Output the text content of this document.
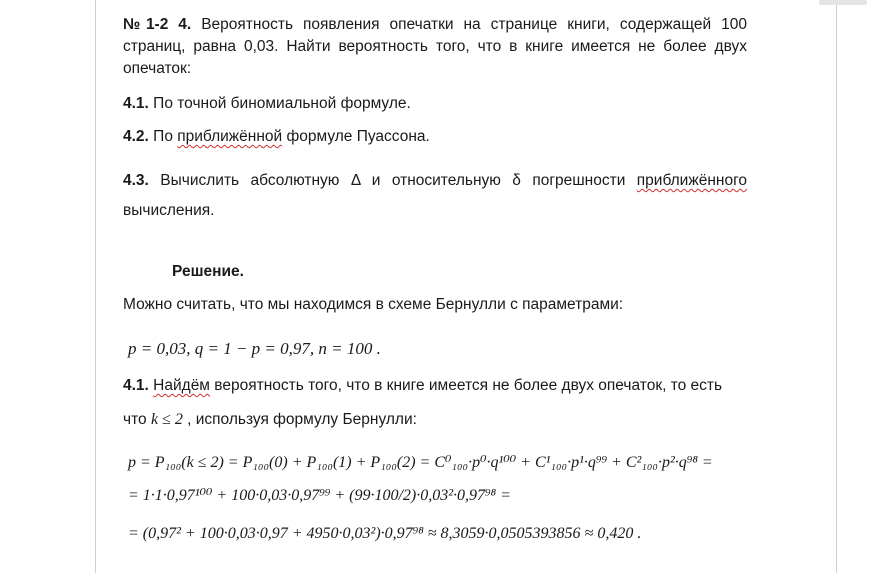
№1-2 4. Вероятность появления опечатки на странице книги, содержащей 100 страниц, равна 0,03. Найти вероятность того, что в книге имеется не более двух опечаток:

4.1. По точной биномиальной формуле.

4.2. По приближённой формуле Пуассона.

4.3. Вычислить абсолютную Δ и относительную δ погрешности приближённого вычисления.

Решение.

Можно считать, что мы находимся в схеме Бернулли с параметрами:

p = 0,03, q = 1 − p = 0,97, n = 100 .

4.1. Найдём вероятность того, что в книге имеется не более двух опечаток, то есть

что k ≤ 2 , используя формулу Бернулли:

p = P₁₀₀(k ≤ 2) = P₁₀₀(0) + P₁₀₀(1) + P₁₀₀(2) = C⁰₁₀₀·p⁰·q¹⁰⁰ + C¹₁₀₀·p¹·q⁹⁹ + C²₁₀₀·p²·q⁹⁸ =
= 1·1·0,97¹⁰⁰ + 100·0,03·0,97⁹⁹ + (99·100/2)·0,03²·0,97⁹⁸ =
= (0,97² + 100·0,03·0,97 + 4950·0,03²)·0,97⁹⁸ ≈ 8,3059·0,0505393856 ≈ 0,420 .
